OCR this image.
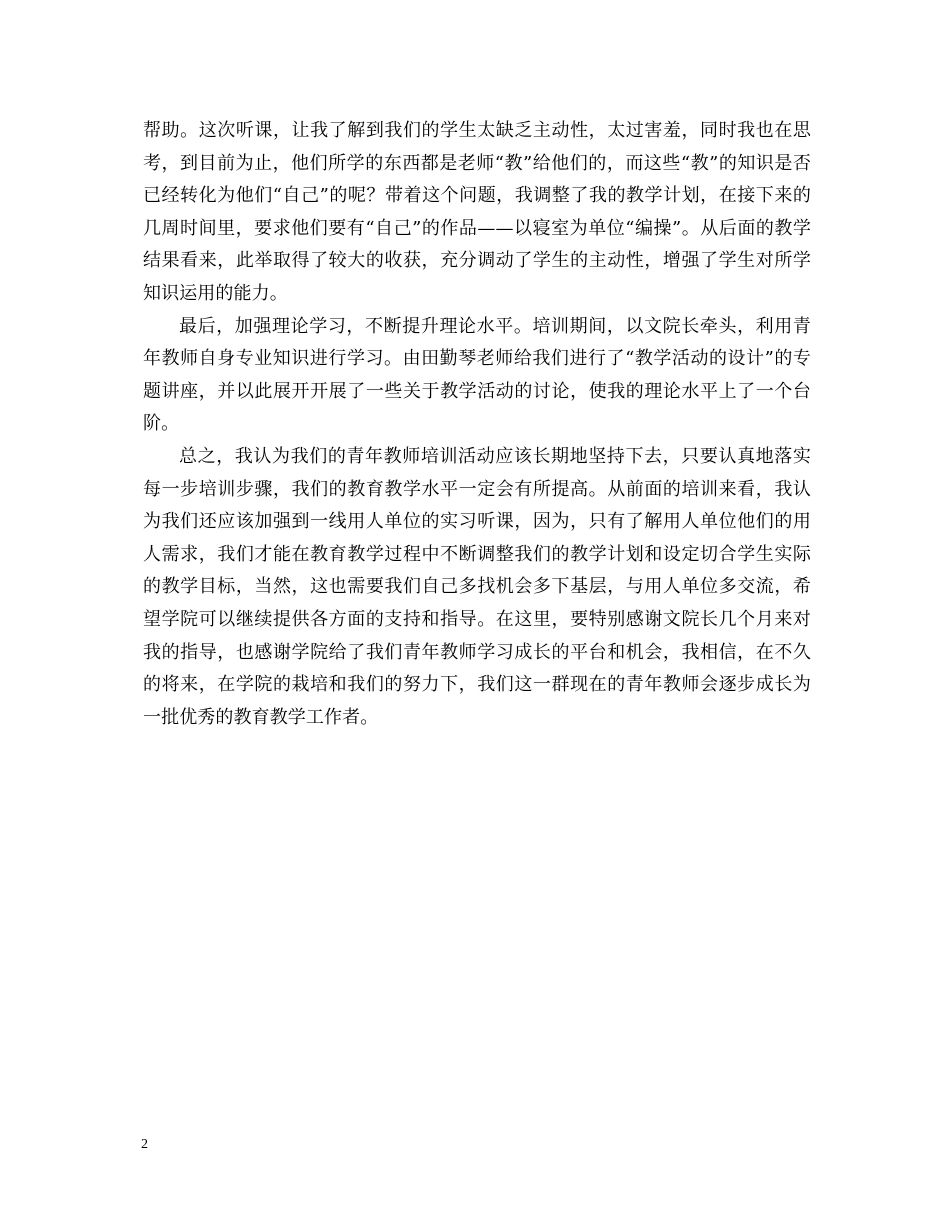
帮助。这次听课，让我了解到我们的学生太缺乏主动性，太过害羞，同时我也在思考，到目前为止，他们所学的东西都是老师“教”给他们的，而这些“教”的知识是否已经转化为他们“自己”的呢？带着这个问题，我调整了我的教学计划，在接下来的几周时间里，要求他们要有“自己”的作品——以寝室为单位“编操”。从后面的教学结果看来，此举取得了较大的收获，充分调动了学生的主动性，增强了学生对所学知识运用的能力。

最后，加强理论学习，不断提升理论水平。培训期间，以文院长牵头，利用青年教师自身专业知识进行学习。由田勤琴老师给我们进行了“教学活动的设计”的专题讲座，并以此展开开展了一些关于教学活动的讨论，使我的理论水平上了一个台阶。

总之，我认为我们的青年教师培训活动应该长期地坚持下去，只要认真地落实每一步培训步骤，我们的教育教学水平一定会有所提高。从前面的培训来看，我认为我们还应该加强到一线用人单位的实习听课，因为，只有了解用人单位他们的用人需求，我们才能在教育教学过程中不断调整我们的教学计划和设定切合学生实际的教学目标，当然，这也需要我们自己多找机会多下基层，与用人单位多交流，希望学院可以继续提供各方面的支持和指导。在这里，要特别感谢文院长几个月来对我的指导，也感谢学院给了我们青年教师学习成长的平台和机会，我相信，在不久的将来，在学院的栽培和我们的努力下，我们这一群现在的青年教师会逐步成长为一批优秀的教育教学工作者。

2
